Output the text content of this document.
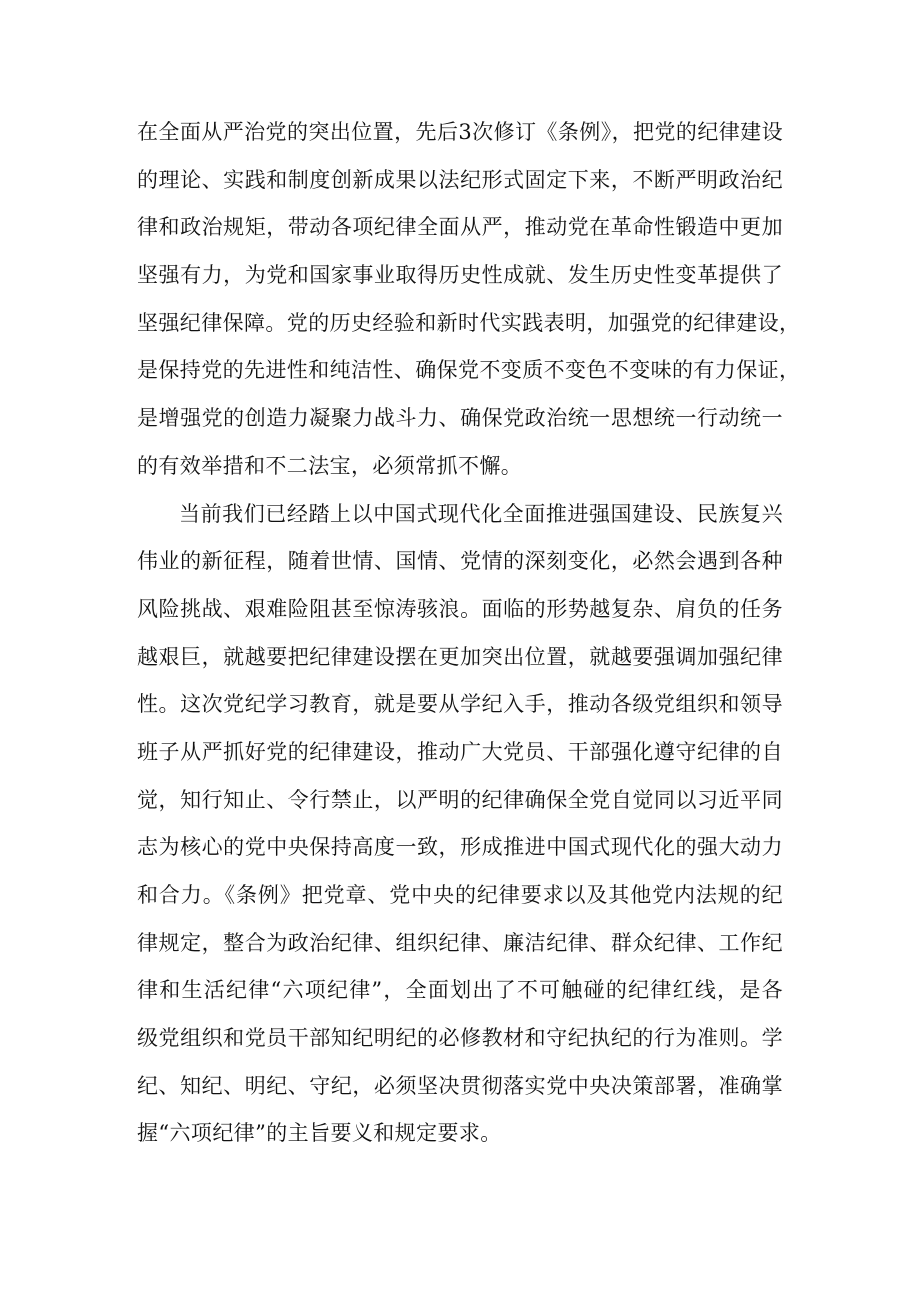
在全面从严治党的突出位置，先后3次修订《条例》，把党的纪律建设
的理论、实践和制度创新成果以法纪形式固定下来，不断严明政治纪
律和政治规矩，带动各项纪律全面从严，推动党在革命性锻造中更加
坚强有力，为党和国家事业取得历史性成就、发生历史性变革提供了
坚强纪律保障。党的历史经验和新时代实践表明，加强党的纪律建设，
是保持党的先进性和纯洁性、确保党不变质不变色不变味的有力保证，
是增强党的创造力凝聚力战斗力、确保党政治统一思想统一行动统一
的有效举措和不二法宝，必须常抓不懈。
当前我们已经踏上以中国式现代化全面推进强国建设、民族复兴
伟业的新征程，随着世情、国情、党情的深刻变化，必然会遇到各种
风险挑战、艰难险阻甚至惊涛骇浪。面临的形势越复杂、肩负的任务
越艰巨，就越要把纪律建设摆在更加突出位置，就越要强调加强纪律
性。这次党纪学习教育，就是要从学纪入手，推动各级党组织和领导
班子从严抓好党的纪律建设，推动广大党员、干部强化遵守纪律的自
觉，知行知止、令行禁止，以严明的纪律确保全党自觉同以习近平同
志为核心的党中央保持高度一致，形成推进中国式现代化的强大动力
和合力。《条例》把党章、党中央的纪律要求以及其他党内法规的纪
律规定，整合为政治纪律、组织纪律、廉洁纪律、群众纪律、工作纪
律和生活纪律“六项纪律”，全面划出了不可触碰的纪律红线，是各
级党组织和党员干部知纪明纪的必修教材和守纪执纪的行为准则。学
纪、知纪、明纪、守纪，必须坚决贯彻落实党中央决策部署，准确掌
握“六项纪律”的主旨要义和规定要求。
